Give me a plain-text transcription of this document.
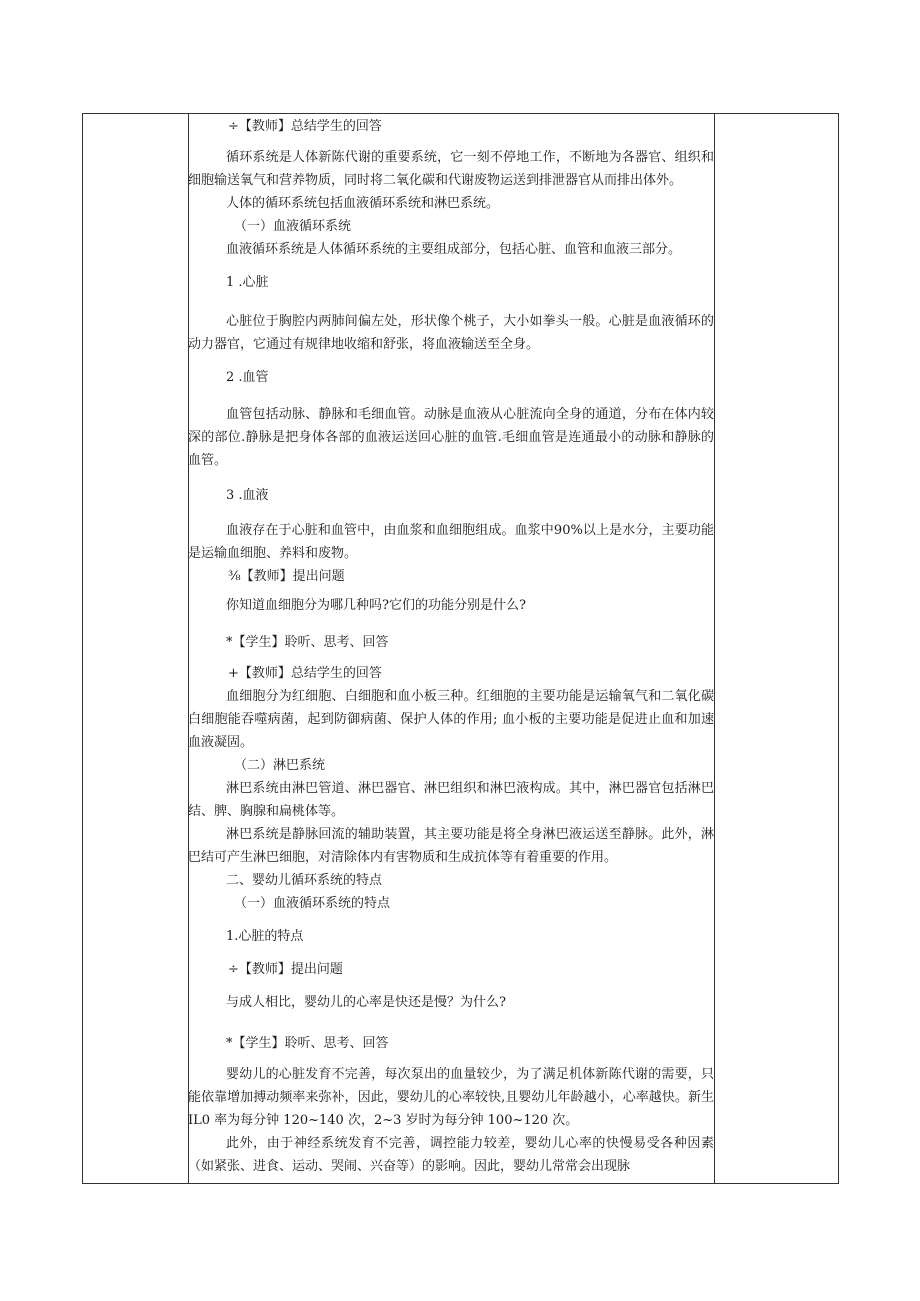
÷【教师】总结学生的回答

循环系统是人体新陈代谢的重要系统，它一刻不停地工作，不断地为各器官、组织和细胞输送氧气和营养物质，同时将二氧化碳和代谢废物运送到排泄器官从而排出体外。

人体的循环系统包括血液循环系统和淋巴系统。

（一）血液循环系统

血液循环系统是人体循环系统的主要组成部分，包括心脏、血管和血液三部分。

1 .心脏

心脏位于胸腔内两肺间偏左处，形状像个桃子，大小如拳头一般。心脏是血液循环的动力器官，它通过有规律地收缩和舒张，将血液输送至全身。

2 .血管

血管包括动脉、静脉和毛细血管。动脉是血液从心脏流向全身的通道，分布在体内较深的部位.静脉是把身体各部的血液运送回心脏的血管.毛细血管是连通最小的动脉和静脉的血管。

3 .血液

血液存在于心脏和血管中，由血浆和血细胞组成。血浆中90%以上是水分，主要功能是运输血细胞、养料和废物。

⅜【教师】提出问题

你知道血细胞分为哪几种吗?它们的功能分别是什么?

*【学生】聆听、思考、回答

+【教师】总结学生的回答

血细胞分为红细胞、白细胞和血小板三种。红细胞的主要功能是运输氧气和二氧化碳白细胞能吞噬病菌，起到防御病菌、保护人体的作用; 血小板的主要功能是促进止血和加速血液凝固。

（二）淋巴系统

淋巴系统由淋巴管道、淋巴器官、淋巴组织和淋巴液构成。其中，淋巴器官包括淋巴结、脾、胸腺和扁桃体等。

淋巴系统是静脉回流的辅助装置，其主要功能是将全身淋巴液运送至静脉。此外，淋巴结可产生淋巴细胞，对清除体内有害物质和生成抗体等有着重要的作用。

二、婴幼儿循环系统的特点

（一）血液循环系统的特点

1.心脏的特点

÷【教师】提出问题

与成人相比，婴幼儿的心率是快还是慢？为什么?

*【学生】聆听、思考、回答

婴幼儿的心脏发育不完善，每次泵出的血量较少，为了满足机体新陈代谢的需要，只能依靠增加搏动频率来弥补，因此，婴幼儿的心率较快,且婴幼儿年龄越小，心率越快。新生 IL0 率为每分钟 120~140 次，2~3 岁时为每分钟 100~120 次。

此外，由于神经系统发育不完善，调控能力较差，婴幼儿心率的快慢易受各种因素（如紧张、进食、运动、哭闹、兴奋等）的影响。因此，婴幼儿常常会出现脉
